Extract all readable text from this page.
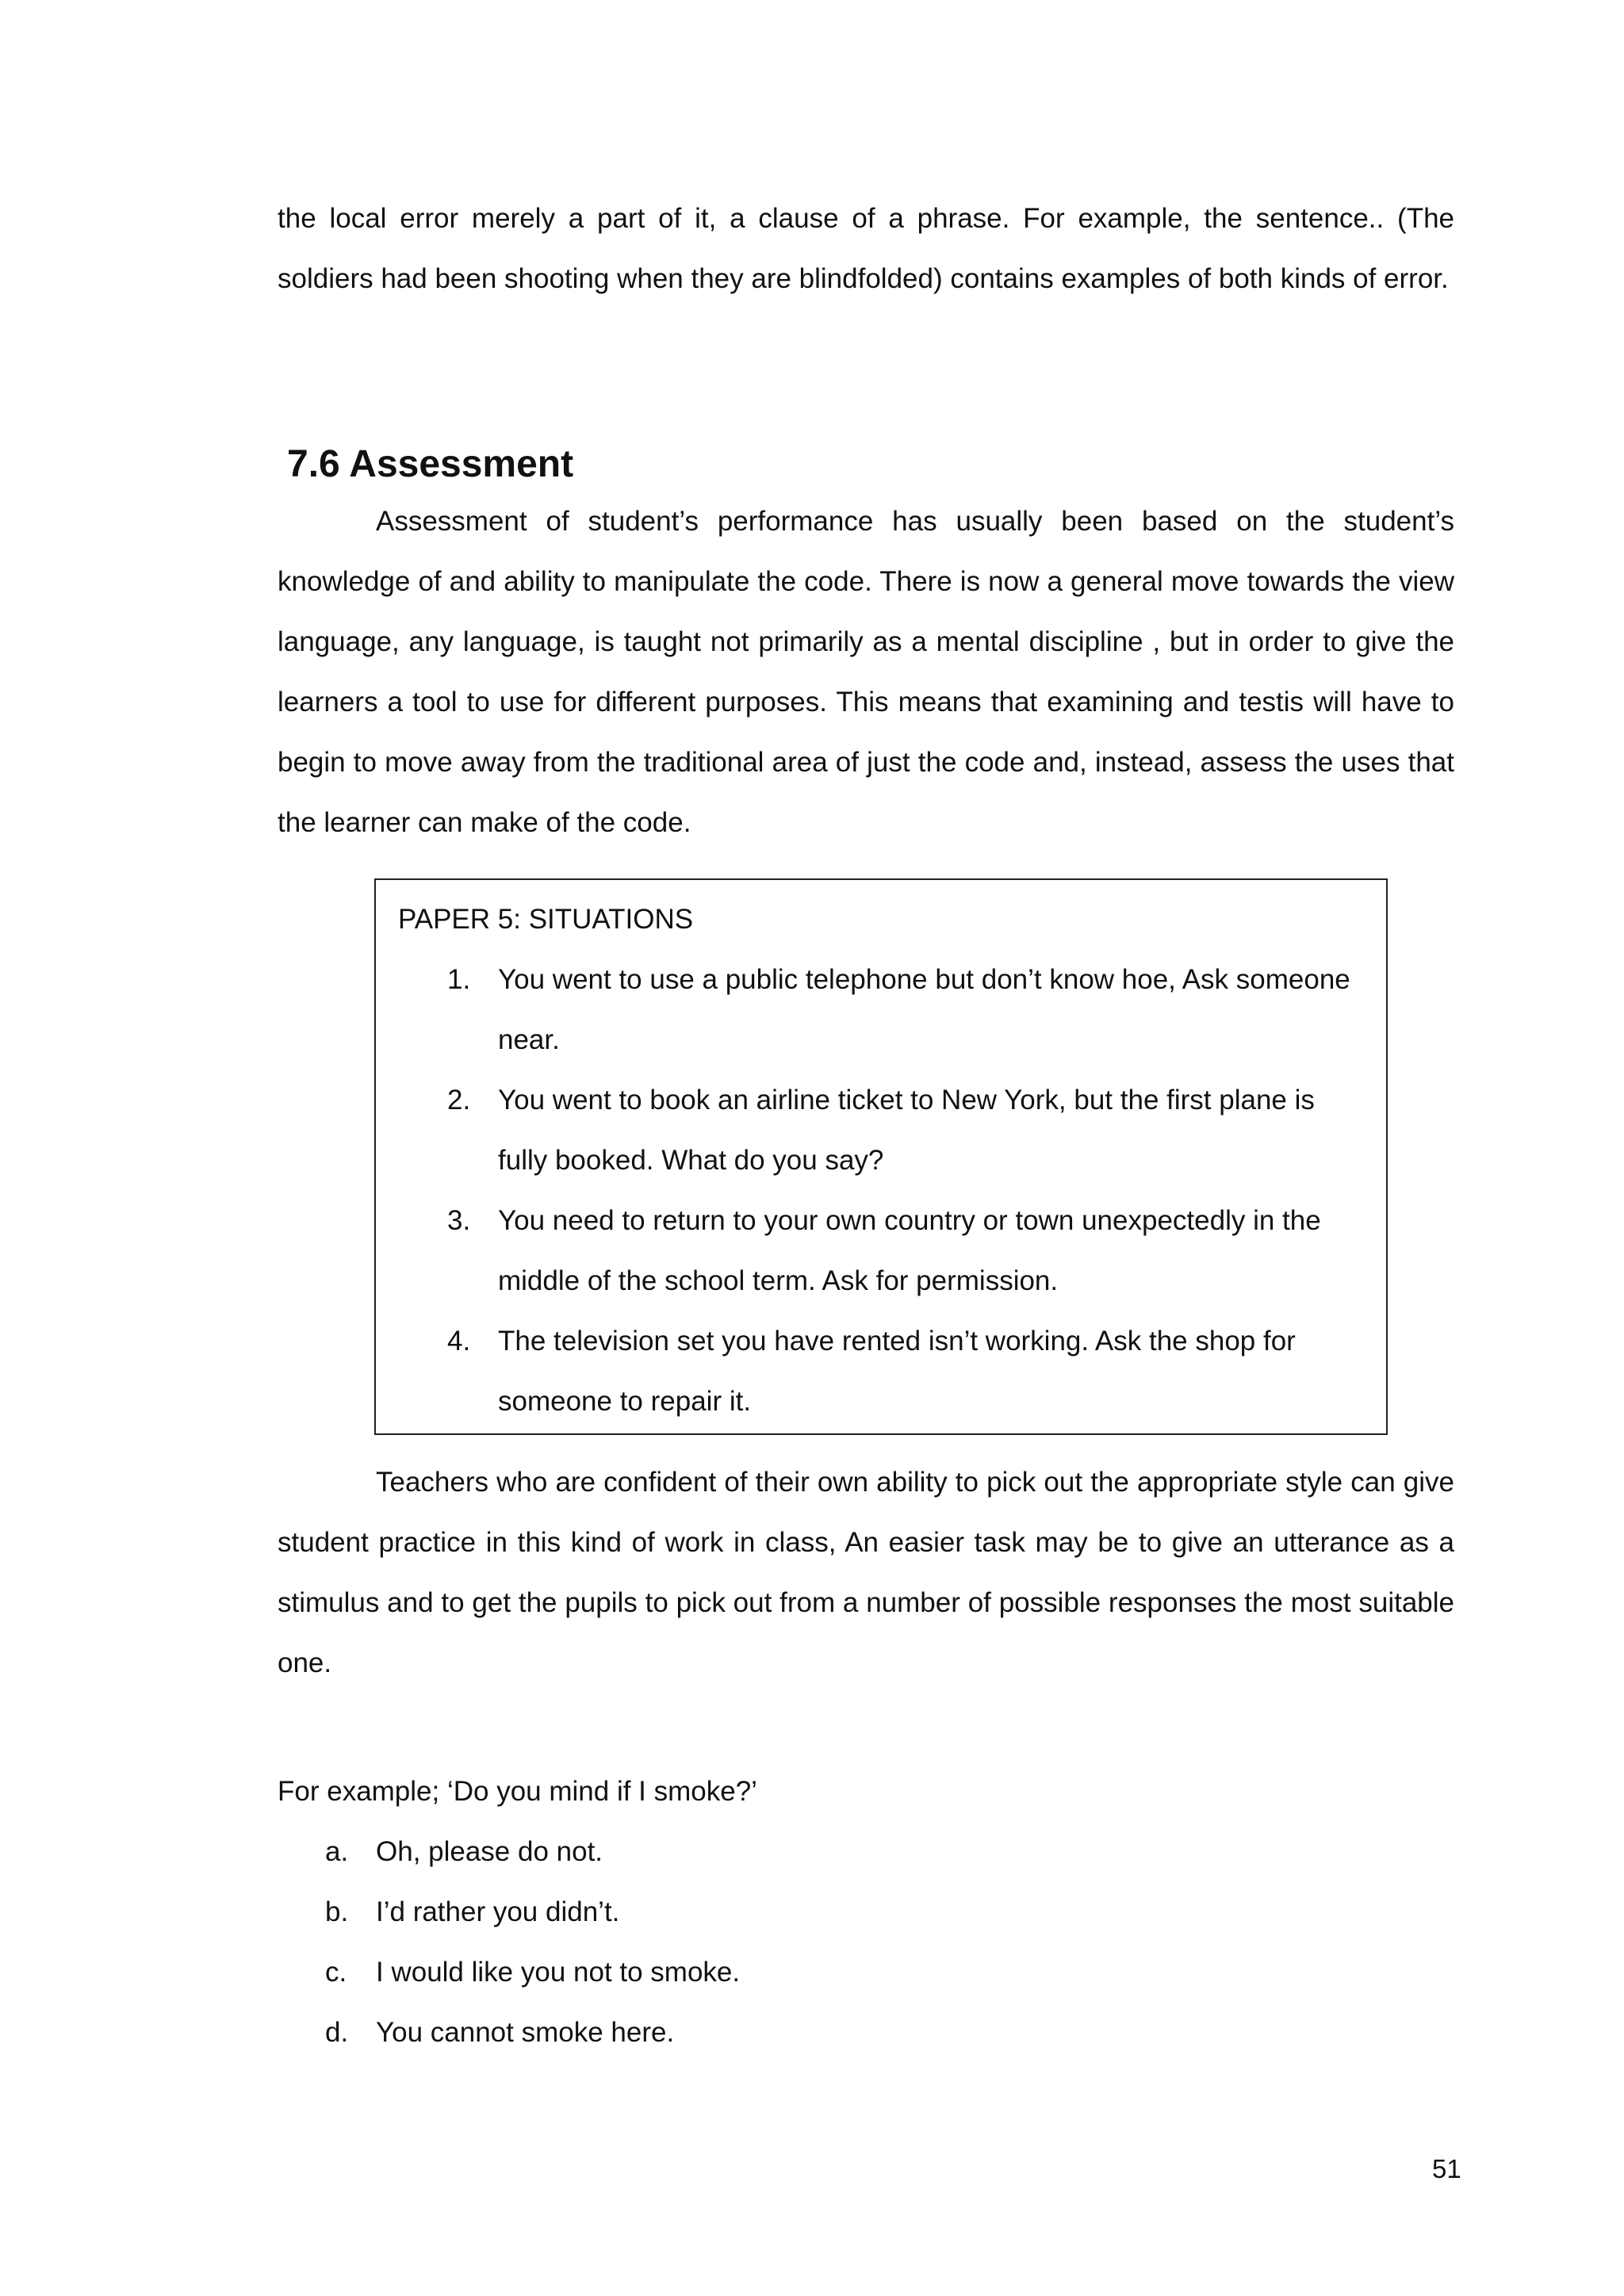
the local error merely a part of it, a clause of a phrase. For example, the sentence.. (The soldiers had been shooting when they are blindfolded) contains examples of both kinds of error.

7.6 Assessment

Assessment of student’s performance has usually been based on the student’s knowledge of and ability to manipulate the code. There is now a general move towards the view language, any language, is taught not primarily as a mental discipline , but in order to give the learners a tool to use for different purposes. This means that examining and testis will have to begin to move away from the traditional area of just the code and, instead, assess the uses that the learner can make of the code.

PAPER 5: SITUATIONS

1. You went to use a public telephone but don’t know hoe, Ask someone near.
2. You went to book an airline ticket to New York, but the first plane is fully booked. What do you say?
3. You need to return to your own country or town unexpectedly in the middle of the school term. Ask for permission.
4. The television set you have rented isn’t working. Ask the shop for someone to repair it.

Teachers who are confident of their own ability to pick out the appropriate style can give student practice in this kind of work in class, An easier task may be to give an utterance as a stimulus and to get the pupils to pick out from a number of possible responses the most suitable one.

For example; ‘Do you mind if I smoke?’

a. Oh, please do not.
b. I’d rather you didn’t.
c. I would like you not to smoke.
d. You cannot smoke here.
51
